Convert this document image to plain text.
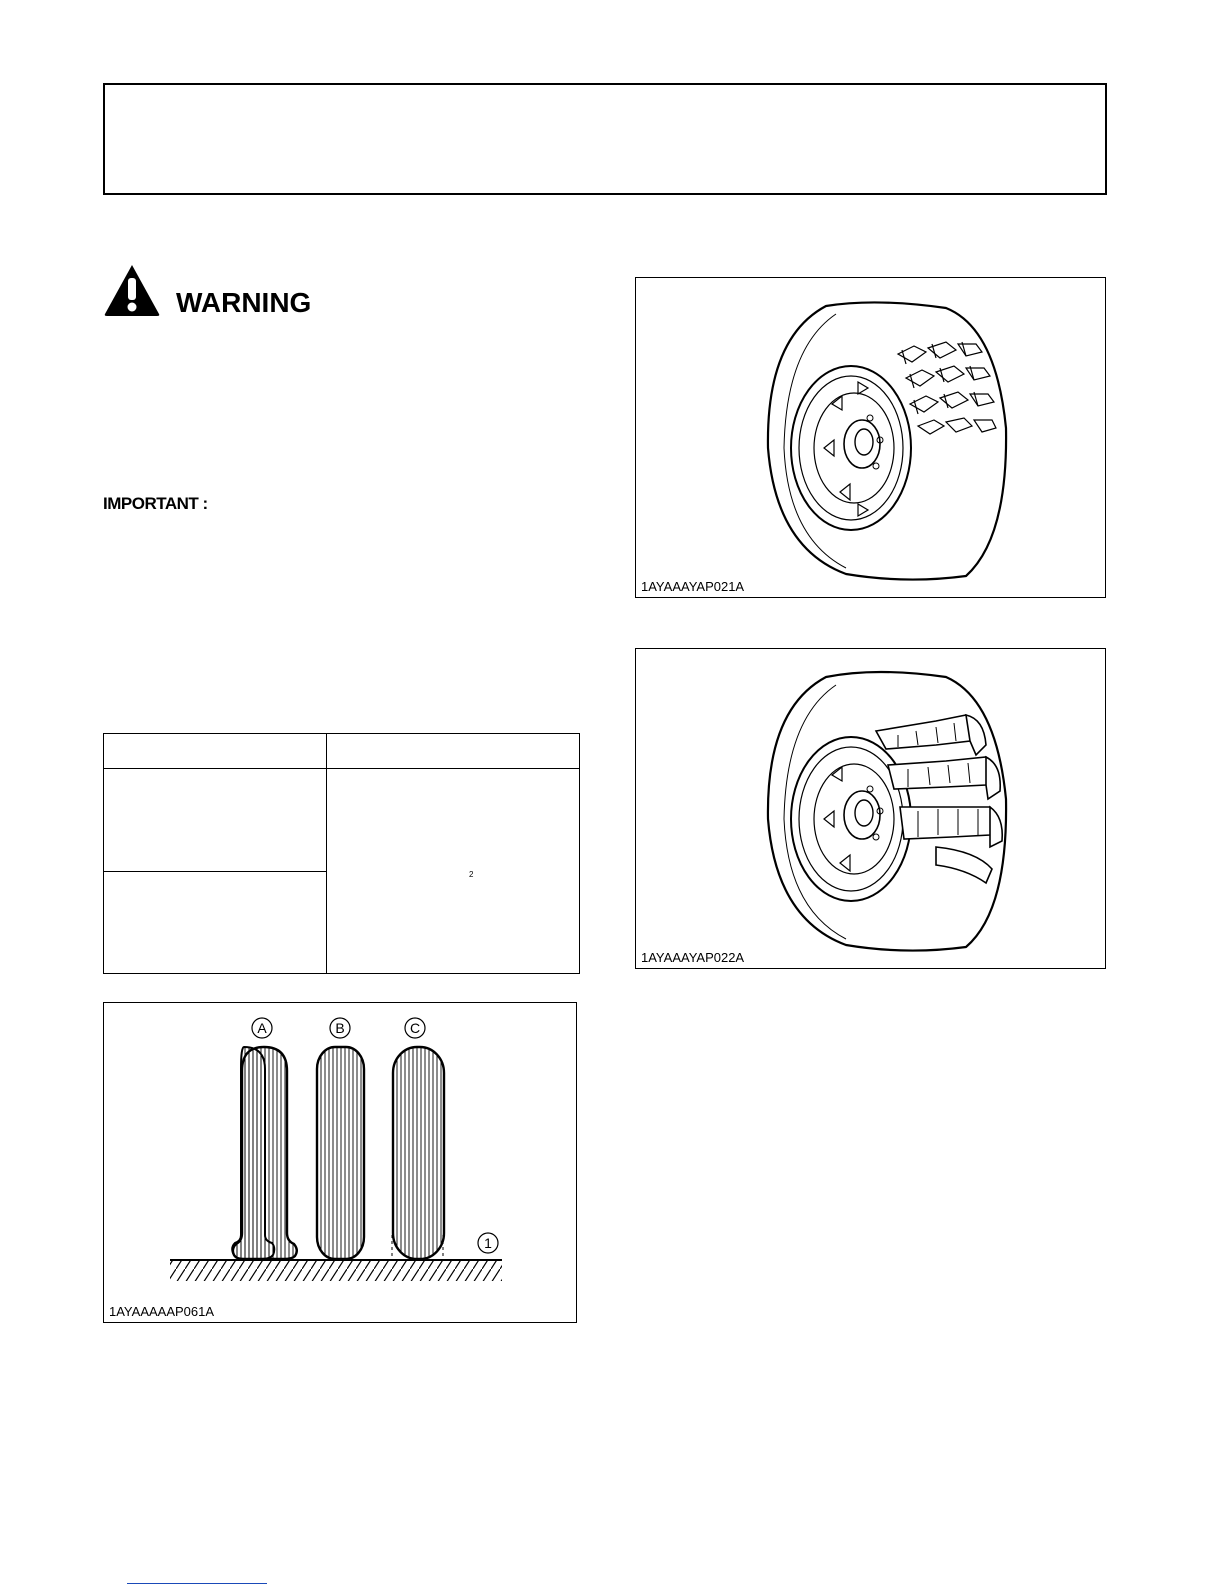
WARNING
IMPORTANT :
2
A	B	C
1
1AYAAAAAP061A
1AYAAAYAP021A
1AYAAAYAP022A
